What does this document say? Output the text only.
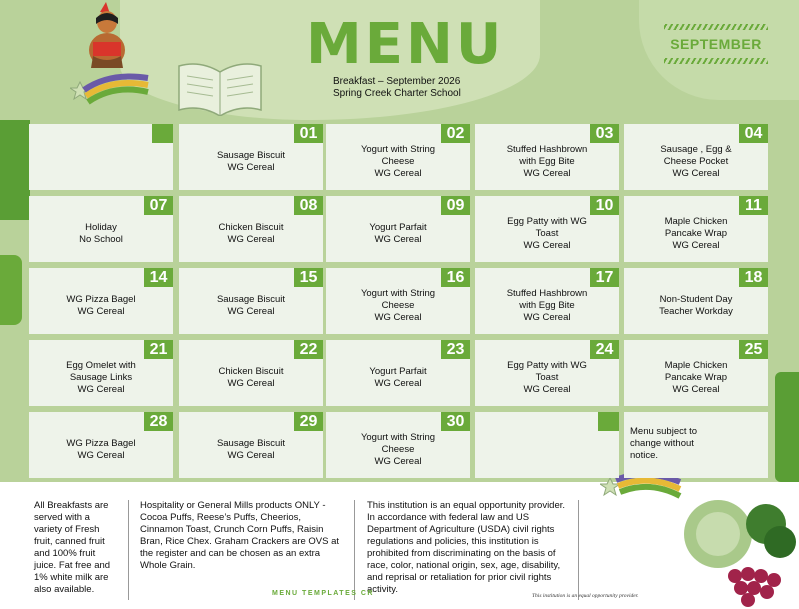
MENU
Breakfast – September 2026
Spring Creek Charter School
SEPTEMBER
01
Sausage Biscuit
WG Cereal
02
Yogurt with String
Cheese
WG Cereal
03
Stuffed Hashbrown
with Egg Bite
WG Cereal
04
Sausage , Egg &
Cheese Pocket
WG Cereal
07
Holiday
No School
08
Chicken Biscuit
WG Cereal
09
Yogurt Parfait
WG Cereal
10
Egg Patty with WG
Toast
WG Cereal
11
Maple Chicken
Pancake Wrap
WG Cereal
14
WG Pizza Bagel
WG Cereal
15
Sausage Biscuit
WG Cereal
16
Yogurt with String
Cheese
WG Cereal
17
Stuffed Hashbrown
with Egg Bite
WG Cereal
18
Non-Student Day
Teacher Workday
21
Egg Omelet with
Sausage Links
WG Cereal
22
Chicken Biscuit
WG Cereal
23
Yogurt Parfait
WG Cereal
24
Egg Patty with WG
Toast
WG Cereal
25
Maple Chicken
Pancake Wrap
WG Cereal
28
WG Pizza Bagel
WG Cereal
29
Sausage Biscuit
WG Cereal
30
Yogurt with String
Cheese
WG Cereal
Menu subject to
change without
notice.
All Breakfasts are served with a variety of Fresh fruit, canned fruit and 100% fruit juice. Fat free and 1% white milk are also available.
Hospitality or General Mills products ONLY - Cocoa Puffs, Reese’s Puffs, Cheerios, Cinnamon Toast, Crunch Corn Puffs, Raisin Bran, Rice Chex. Graham Crackers are OVS at the register and can be chosen as an extra Whole Grain.
This institution is an equal opportunity provider. In accordance with federal law and US Department of Agriculture (USDA) civil rights regulations and policies, this institution is prohibited from discriminating on the basis of race, color, national origin, sex, age, disability, and reprisal or retaliation for prior civil rights activity.
MENU TEMPLATES CR	This institution is an equal opportunity provider.
